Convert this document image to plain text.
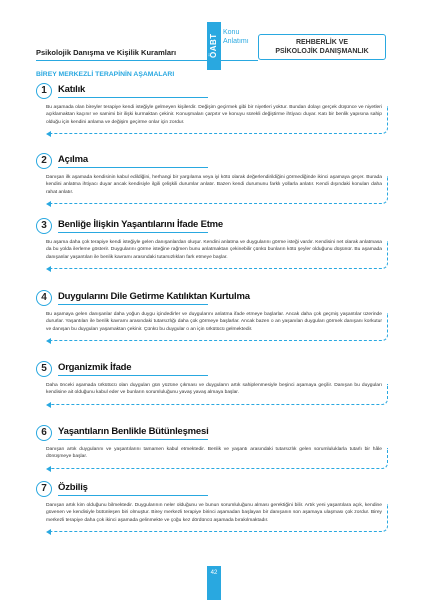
Psikolojik Danışma ve Kişilik Kuramları	ÖABT
Konu
Anlatımı	REHBERLİK VE
PSİKOLOJİK DANIŞMANLIK
BİREY MERKEZLİ TERAPİNİN AŞAMALARI
1	Katılık
Bu aşamada olan bireyler terapiye kendi isteğiyle gelmeyen kişilerdir. Değişim geçirmek gibi bir niyetleri yoktur. Bundan dolayı gerçek düşünce ve niyetleri açıklamaktan kaçınır ve samimi bir ilişki kurmaktan çekinir. Konuşmaları çarpıtır ve konuyu sürekli değiştirme ihtiyacı duyar. Katı bir benlik yapısına sahip olduğu için kendini anlama ve değişim geçirme onlar için zordur.
2	Açılma
Danışan ilk aşamada kendisinin kabul edildiğini, herhangi bir yargılama veya iyi kötü olarak değerlendirildiğini görmediğinde ikinci aşamaya geçer. Burada kendini anlatma ihtiyacı duyar ancak kendisiyle ilgili çelişkili durumlar anlatır. Bazen kendi durumunu farklı yollarla anlatır. Kendi dışındaki konuları daha rahat anlatır.
3	Benliğe İlişkin Yaşantılarını İfade Etme
Bu aşama daha çok terapiye kendi isteğiyle gelen danışanlardan oluşur. Kendini anlatma ve duygularını görme isteği vardır. Kendisini net olarak anlatmasa da bu yolda ilerleme gösterir. Duygularını görme isteğine rağmen bunu anlatmaktan çekinebilir çünkü bunların kötü şeyler olduğunu düşünür. Bu aşamada danışanlar yaşantıları ile benlik kavramı arasındaki tutarsızlıkları fark etmeye başlar.
4	Duygularını Dile Getirme Katılıktan Kurtulma
Bu aşamaya gelen danışanlar daha yoğun duygu içindedirler ve duygularını anlatma ifade etmeye başlarlar. Ancak daha çok geçmiş yaşantılar üzerinde dururlar. Yaşantıları ile benlik kavramı arasındaki tutarsızlığı daha çok görmeye başlarlar. Ancak bazen o an yaşanılan duyguları görmek danışanı korkutur ve danışan bu duyguları yaşamaktan çekinir. Çünkü bu duygular o an için ürkütücü gelmektedir.
5	Organizmik İfade
Daha önceki aşamada ürkütücü olan duyguları gün yüzüne çıkması ve duyguların artık sahiplenmesiyle beşinci aşamaya geçilir. Danışan bu duyguları kendisine ait olduğunu kabul eder ve bunların sorumluluğunu yavaş yavaş almaya başlar.
6	Yaşantıların Benlikle Bütünleşmesi
Danışan artık duygularını ve yaşantılarını tamamen kabul etmektedir. Benlik ve yaşantı arasındaki tutarsızlık gelen sorumluluklarla tutarlı bir hâle dönüşmeye başlar.
7	Özbiliş
Danışan artık kim olduğunu bilmektedir. Duygularının neler olduğunu ve bunun sorumluluğunu alması gerektiğini bilir. Artık yeni yaşantılara açık, kendine güvenen ve kendisiyle bütünleşen biri olmuştur. Birey merkezli terapiye birinci aşamadan başlayan bir danışanın son aşamaya ulaşması çok zordur. Birey merkezli terapiye daha çok ikinci aşamada gelinmekte ve çoğu kez dördüncü aşamada bırakılmaktadır.
42
